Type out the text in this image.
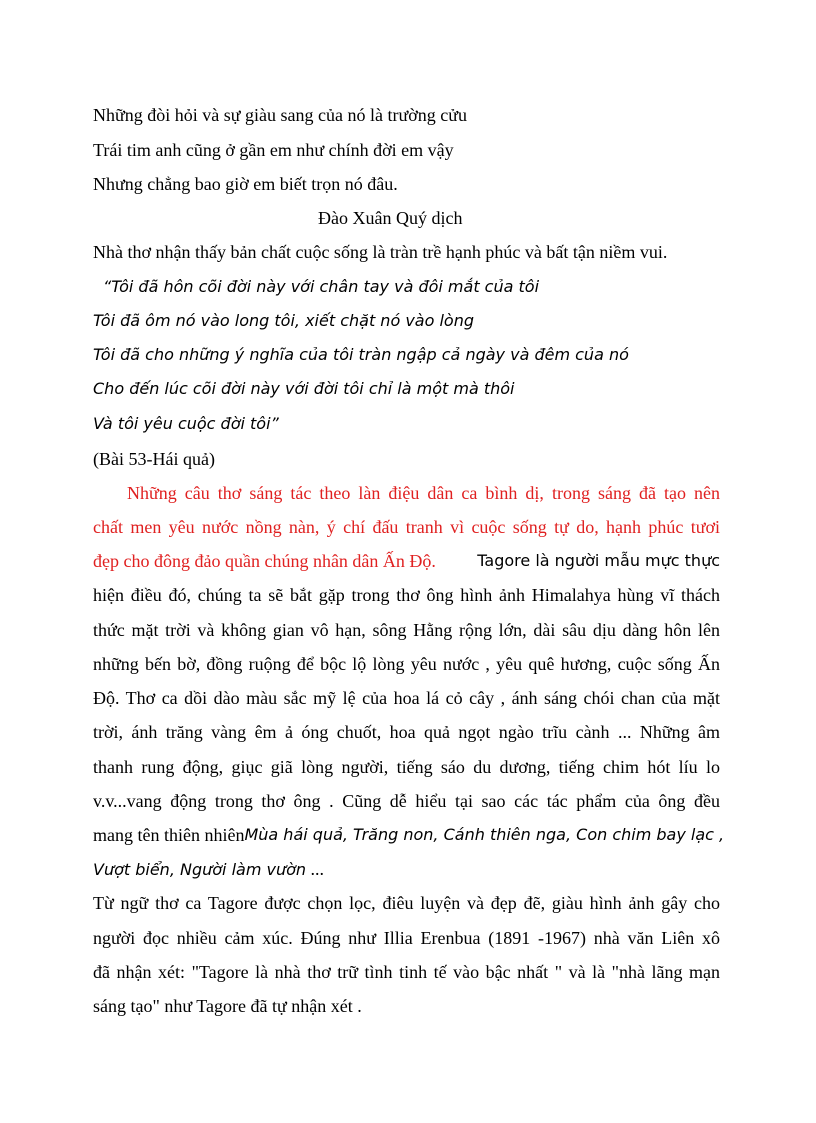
Những đòi hỏi và sự giàu sang của nó là trường cửu
Trái tim anh cũng ở gần em như chính đời em vậy
Nhưng chẳng bao giờ em biết trọn nó đâu.
Đào Xuân Quý dịch
Nhà thơ nhận thấy bản chất cuộc sống là tràn trề hạnh phúc và bất tận niềm vui.
“Tôi đã hôn cõi đời này với chân tay và đôi mắt của tôi
Tôi đã ôm nó vào long tôi, xiết chặt nó vào lòng
Tôi đã cho những ý nghĩa của tôi tràn ngập cả ngày và đêm của nó
Cho đến lúc cõi đời này với đời tôi chỉ là một mà thôi
Và tôi yêu cuộc đời tôi”
(Bài 53-Hái quả)
Những câu thơ sáng tác theo làn điệu dân ca bình dị, trong sáng đã tạo nên
chất men yêu nước nồng nàn, ý chí đấu tranh vì cuộc sống tự do, hạnh phúc tươi
đẹp cho đông đảo quần chúng nhân dân Ấn Độ.	Tagore là người mẫu mực thực
hiện điều đó, chúng ta sẽ bắt gặp trong thơ ông hình ảnh Himalahya hùng vĩ thách
thức mặt trời và không gian vô hạn, sông Hằng rộng lớn, dài sâu dịu dàng hôn lên
những bến bờ, đồng ruộng để bộc lộ lòng yêu nước , yêu quê hương, cuộc sống Ấn
Độ. Thơ ca dồi dào màu sắc mỹ lệ của hoa lá cỏ cây , ánh sáng chói chan của mặt
trời, ánh trăng vàng êm ả óng chuốt, hoa quả ngọt ngào trĩu cành ... Những âm
thanh rung động, giục giã lòng người, tiếng sáo du dương, tiếng chim hót líu lo
v.v...vang động trong thơ ông . Cũng dễ hiểu tại sao các tác phẩm của ông đều
mang tên thiên nhiên Mùa hái quả, Trăng non, Cánh thiên nga, Con chim bay lạc ,
Vượt biển, Người làm vườn ...
Từ ngữ thơ ca Tagore được chọn lọc, điêu luyện và đẹp đẽ, giàu hình ảnh gây cho
người đọc nhiều cảm xúc. Đúng như Illia Erenbua (1891 -1967) nhà văn Liên xô
đã nhận xét: "Tagore là nhà thơ trữ tình tinh tế vào bậc nhất " và là "nhà lãng mạn
sáng tạo" như Tagore đã tự nhận xét .
